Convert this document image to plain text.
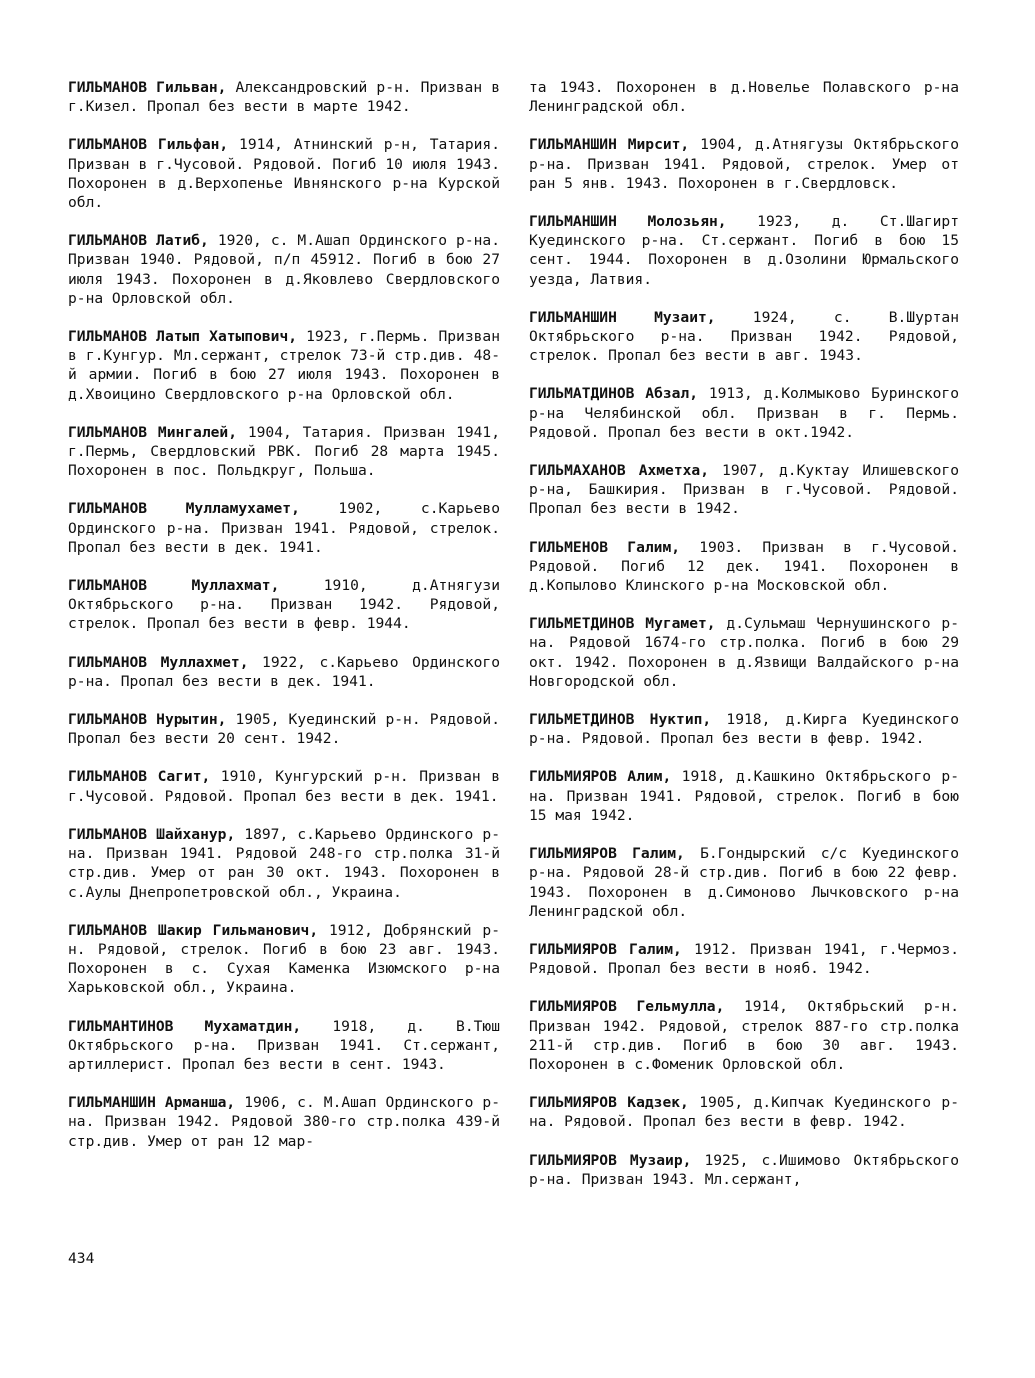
ГИЛЬМАНОВ Гильван, Александровский р-н. Призван в г.Кизел. Пропал без вести в марте 1942.
ГИЛЬМАНОВ Гильфан, 1914, Атнинский р-н, Татария. Призван в г.Чусовой. Рядовой. Погиб 10 июля 1943. Похоронен в д.Верхопенье Ивнянского р-на Курской обл.
ГИЛЬМАНОВ Латиб, 1920, с. М.Ашап Ординского р-на. Призван 1940. Рядовой, п/п 45912. Погиб в бою 27 июля 1943. Похоронен в д.Яковлево Свердловского р-на Орловской обл.
ГИЛЬМАНОВ Латып Хатыпович, 1923, г.Пермь. Призван в г.Кунгур. Мл.сержант, стрелок 73-й стр.див. 48-й армии. Погиб в бою 27 июля 1943. Похоронен в д.Хвоицино Свердловского р-на Орловской обл.
ГИЛЬМАНОВ Мингалей, 1904, Татария. Призван 1941, г.Пермь, Свердловский РВК. Погиб 28 марта 1945. Похоронен в пос. Польдкруг, Польша.
ГИЛЬМАНОВ Мулламухамет, 1902, с.Карьево Ординского р-на. Призван 1941. Рядовой, стрелок. Пропал без вести в дек. 1941.
ГИЛЬМАНОВ Муллахмат, 1910, д.Атнягузи Октябрьского р-на. Призван 1942. Рядовой, стрелок. Пропал без вести в февр. 1944.
ГИЛЬМАНОВ Муллахмет, 1922, с.Карьево Ординского р-на. Пропал без вести в дек. 1941.
ГИЛЬМАНОВ Нурытин, 1905, Куединский р-н. Рядовой. Пропал без вести 20 сент. 1942.
ГИЛЬМАНОВ Сагит, 1910, Кунгурский р-н. Призван в г.Чусовой. Рядовой. Пропал без вести в дек. 1941.
ГИЛЬМАНОВ Шайханур, 1897, с.Карьево Ординского р-на. Призван 1941. Рядовой 248-го стр.полка 31-й стр.див. Умер от ран 30 окт. 1943. Похоронен в с.Аулы Днепропетровской обл., Украина.
ГИЛЬМАНОВ Шакир Гильманович, 1912, Добрянский р-н. Рядовой, стрелок. Погиб в бою 23 авг. 1943. Похоронен в с. Сухая Каменка Изюмского р-на Харьковской обл., Украина.
ГИЛЬМАНТИНОВ Мухаматдин, 1918, д. В.Тюш Октябрьского р-на. Призван 1941. Ст.сержант, артиллерист. Пропал без вести в сент. 1943.
ГИЛЬМАНШИН Арманша, 1906, с. М.Ашап Ординского р-на. Призван 1942. Рядовой 380-го стр.полка 439-й стр.див. Умер от ран 12 мар-
та 1943. Похоронен в д.Новелье Полавского р-на Ленинградской обл.
ГИЛЬМАНШИН Мирсит, 1904, д.Атнягузы Октябрьского р-на. Призван 1941. Рядовой, стрелок. Умер от ран 5 янв. 1943. Похоронен в г.Свердловск.
ГИЛЬМАНШИН Молозьян, 1923, д. Ст.Шагирт Куединского р-на. Ст.сержант. Погиб в бою 15 сент. 1944. Похоронен в д.Озолини Юрмальского уезда, Латвия.
ГИЛЬМАНШИН Музаит, 1924, с. В.Шуртан Октябрьского р-на. Призван 1942. Рядовой, стрелок. Пропал без вести в авг. 1943.
ГИЛЬМАТДИНОВ Абзал, 1913, д.Колмыково Буринского р-на Челябинской обл. Призван в г. Пермь. Рядовой. Пропал без вести в окт.1942.
ГИЛЬМАХАНОВ Ахметха, 1907, д.Куктау Илишевского р-на, Башкирия. Призван в г.Чусовой. Рядовой. Пропал без вести в 1942.
ГИЛЬМЕНОВ Галим, 1903. Призван в г.Чусовой. Рядовой. Погиб 12 дек. 1941. Похоронен в д.Копылово Клинского р-на Московской обл.
ГИЛЬМЕТДИНОВ Мугамет, д.Сульмаш Чернушинского р-на. Рядовой 1674-го стр.полка. Погиб в бою 29 окт. 1942. Похоронен в д.Язвищи Валдайского р-на Новгородской обл.
ГИЛЬМЕТДИНОВ Нуктип, 1918, д.Кирга Куединского р-на. Рядовой. Пропал без вести в февр. 1942.
ГИЛЬМИЯРОВ Алим, 1918, д.Кашкино Октябрьского р-на. Призван 1941. Рядовой, стрелок. Погиб в бою 15 мая 1942.
ГИЛЬМИЯРОВ Галим, Б.Гондырский с/с Куединского р-на. Рядовой 28-й стр.див. Погиб в бою 22 февр. 1943. Похоронен в д.Симоново Лычковского р-на Ленинградской обл.
ГИЛЬМИЯРОВ Галим, 1912. Призван 1941, г.Чермоз. Рядовой. Пропал без вести в нояб. 1942.
ГИЛЬМИЯРОВ Гельмулла, 1914, Октябрьский р-н. Призван 1942. Рядовой, стрелок 887-го стр.полка 211-й стр.див. Погиб в бою 30 авг. 1943. Похоронен в с.Фоменик Орловской обл.
ГИЛЬМИЯРОВ Кадзек, 1905, д.Кипчак Куединского р-на. Рядовой. Пропал без вести в февр. 1942.
ГИЛЬМИЯРОВ Музаир, 1925, с.Ишимово Октябрьского р-на. Призван 1943. Мл.сержант,
434
